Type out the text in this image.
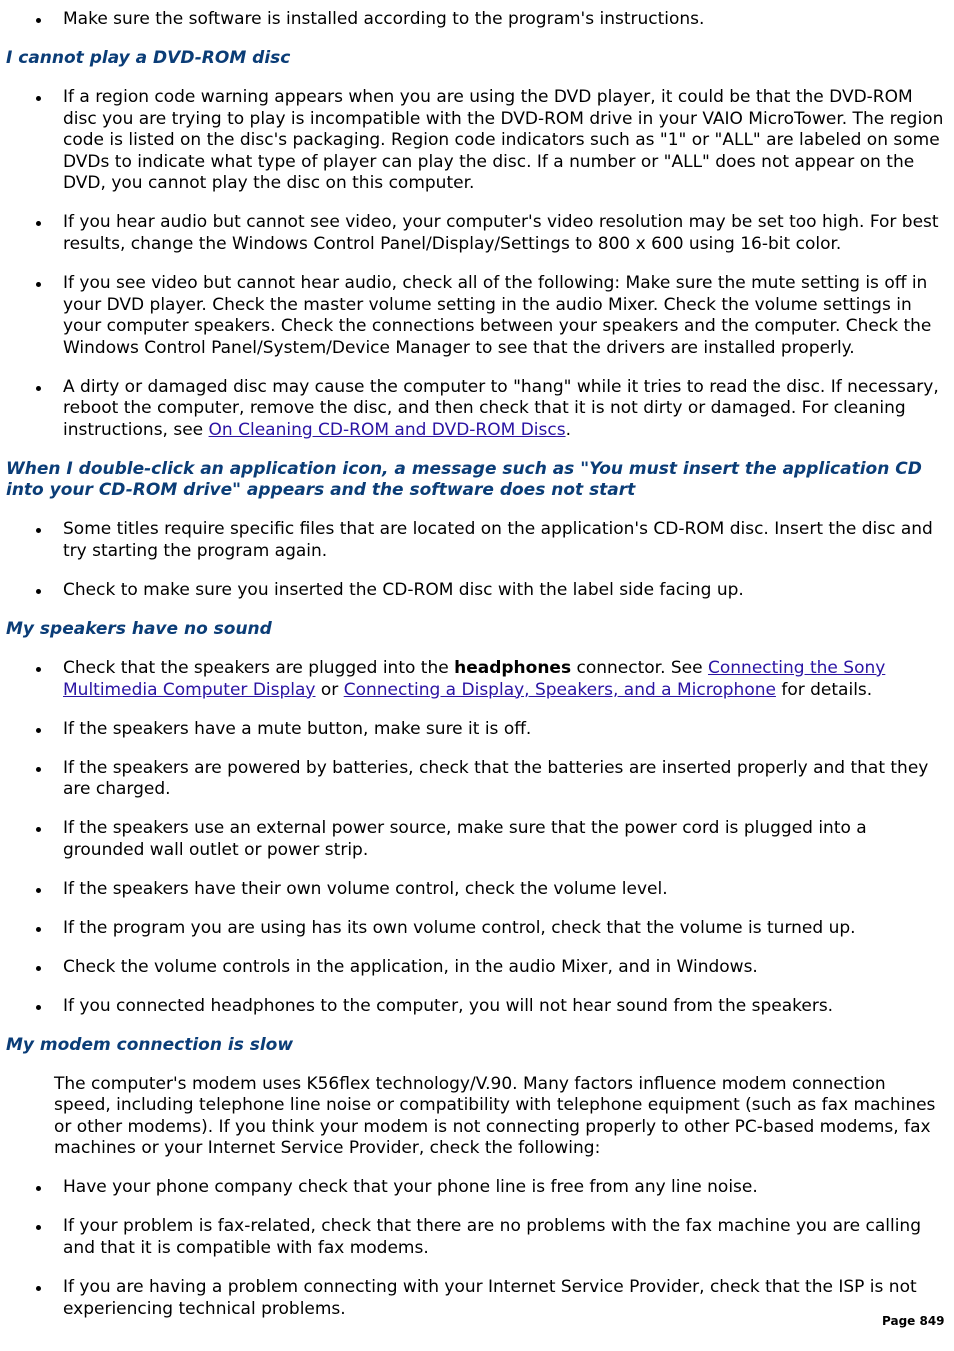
Make sure the software is installed according to the program's instructions.
I cannot play a DVD-ROM disc
If a region code warning appears when you are using the DVD player, it could be that the DVD-ROM disc you are trying to play is incompatible with the DVD-ROM drive in your VAIO MicroTower. The region code is listed on the disc's packaging. Region code indicators such as "1" or "ALL" are labeled on some DVDs to indicate what type of player can play the disc. If a number or "ALL" does not appear on the DVD, you cannot play the disc on this computer.
If you hear audio but cannot see video, your computer's video resolution may be set too high. For best results, change the Windows Control Panel/Display/Settings to 800 x 600 using 16-bit color.
If you see video but cannot hear audio, check all of the following: Make sure the mute setting is off in your DVD player. Check the master volume setting in the audio Mixer. Check the volume settings in your computer speakers. Check the connections between your speakers and the computer. Check the Windows Control Panel/System/Device Manager to see that the drivers are installed properly.
A dirty or damaged disc may cause the computer to "hang" while it tries to read the disc. If necessary, reboot the computer, remove the disc, and then check that it is not dirty or damaged. For cleaning instructions, see On Cleaning CD-ROM and DVD-ROM Discs.
When I double-click an application icon, a message such as "You must insert the application CD into your CD-ROM drive" appears and the software does not start
Some titles require specific files that are located on the application's CD-ROM disc. Insert the disc and try starting the program again.
Check to make sure you inserted the CD-ROM disc with the label side facing up.
My speakers have no sound
Check that the speakers are plugged into the headphones connector. See Connecting the Sony Multimedia Computer Display or Connecting a Display, Speakers, and a Microphone for details.
If the speakers have a mute button, make sure it is off.
If the speakers are powered by batteries, check that the batteries are inserted properly and that they are charged.
If the speakers use an external power source, make sure that the power cord is plugged into a grounded wall outlet or power strip.
If the speakers have their own volume control, check the volume level.
If the program you are using has its own volume control, check that the volume is turned up.
Check the volume controls in the application, in the audio Mixer, and in Windows.
If you connected headphones to the computer, you will not hear sound from the speakers.
My modem connection is slow
The computer's modem uses K56flex technology/V.90. Many factors influence modem connection speed, including telephone line noise or compatibility with telephone equipment (such as fax machines or other modems). If you think your modem is not connecting properly to other PC-based modems, fax machines or your Internet Service Provider, check the following:
Have your phone company check that your phone line is free from any line noise.
If your problem is fax-related, check that there are no problems with the fax machine you are calling and that it is compatible with fax modems.
If you are having a problem connecting with your Internet Service Provider, check that the ISP is not experiencing technical problems.
Page 849
